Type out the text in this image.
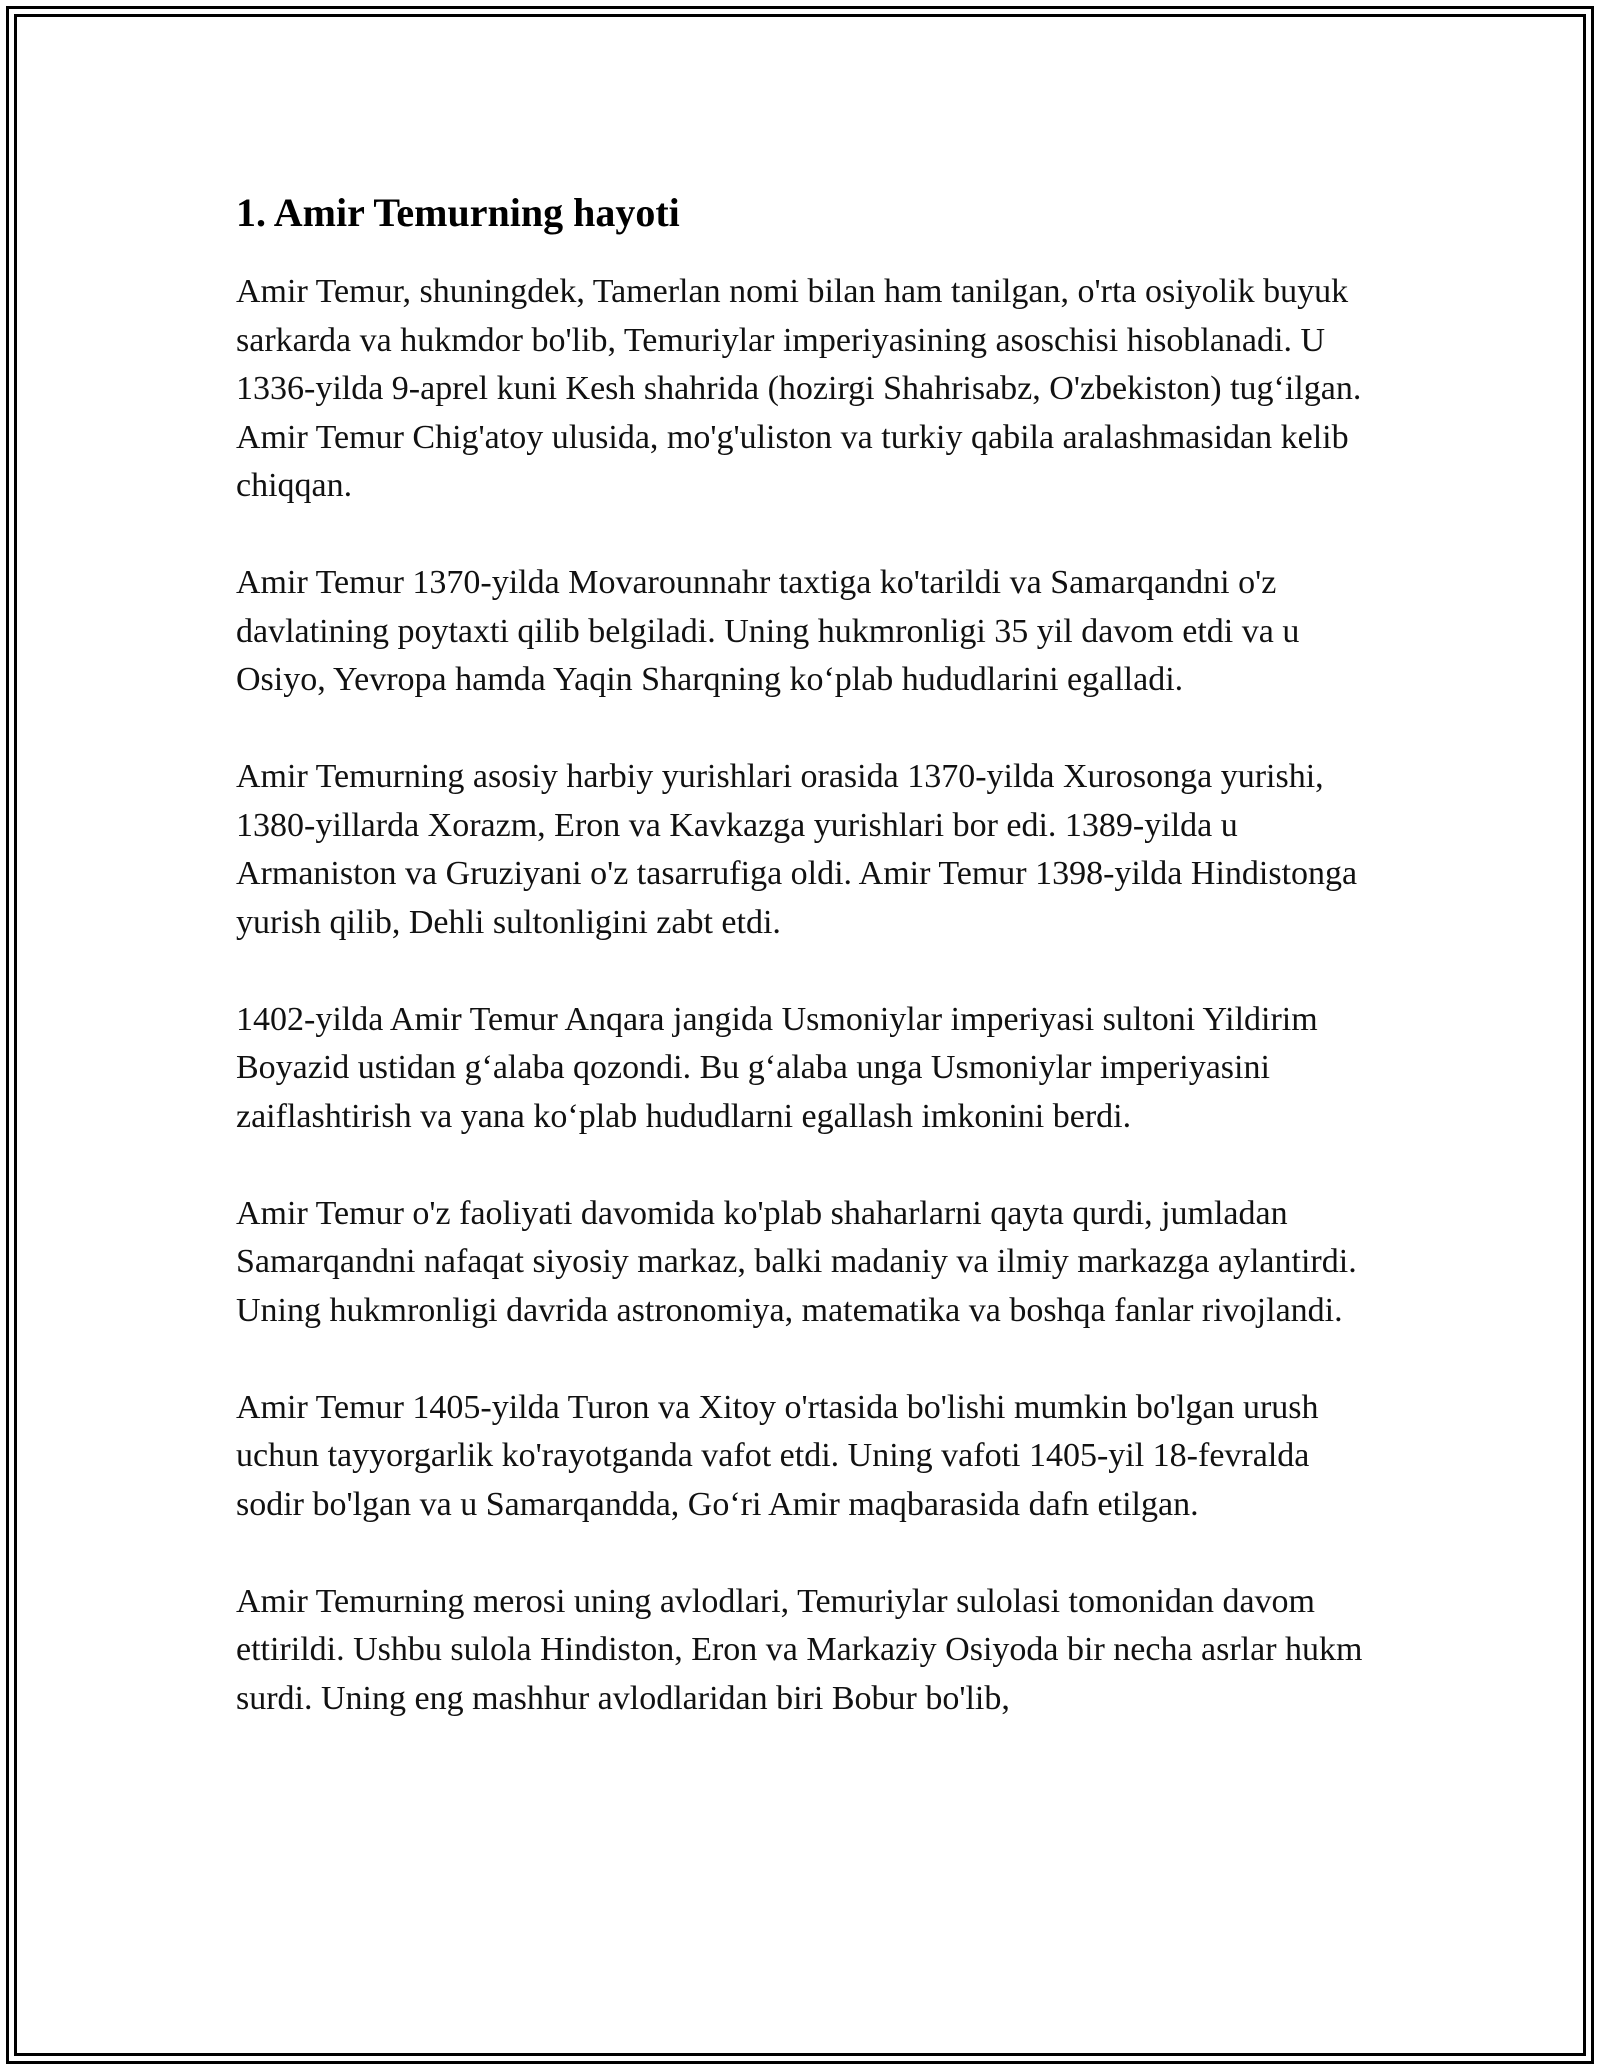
1. Amir Temurning hayoti

Amir Temur, shuningdek, Tamerlan nomi bilan ham tanilgan, o'rta osiyolik buyuk sarkarda va hukmdor bo'lib, Temuriylar imperiyasining asoschisi hisoblanadi. U 1336-yilda 9-aprel kuni Kesh shahrida (hozirgi Shahrisabz, O'zbekiston) tug‘ilgan. Amir Temur Chig'atoy ulusida, mo'g'uliston va turkiy qabila aralashmasidan kelib chiqqan.

Amir Temur 1370-yilda Movarounnahr taxtiga ko'tarildi va Samarqandni o'z davlatining poytaxti qilib belgiladi. Uning hukmronligi 35 yil davom etdi va u Osiyo, Yevropa hamda Yaqin Sharqning ko‘plab hududlarini egalladi.

Amir Temurning asosiy harbiy yurishlari orasida 1370-yilda Xurosonga yurishi, 1380-yillarda Xorazm, Eron va Kavkazga yurishlari bor edi. 1389-yilda u Armaniston va Gruziyani o'z tasarrufiga oldi. Amir Temur 1398-yilda Hindistonga yurish qilib, Dehli sultonligini zabt etdi.

1402-yilda Amir Temur Anqara jangida Usmoniylar imperiyasi sultoni Yildirim Boyazid ustidan g‘alaba qozondi. Bu g‘alaba unga Usmoniylar imperiyasini zaiflashtirish va yana ko‘plab hududlarni egallash imkonini berdi.

Amir Temur o'z faoliyati davomida ko'plab shaharlarni qayta qurdi, jumladan Samarqandni nafaqat siyosiy markaz, balki madaniy va ilmiy markazga aylantirdi. Uning hukmronligi davrida astronomiya, matematika va boshqa fanlar rivojlandi.

Amir Temur 1405-yilda Turon va Xitoy o'rtasida bo'lishi mumkin bo'lgan urush uchun tayyorgarlik ko'rayotganda vafot etdi. Uning vafoti 1405-yil 18-fevralda sodir bo'lgan va u Samarqandda, Go‘ri Amir maqbarasida dafn etilgan.

Amir Temurning merosi uning avlodlari, Temuriylar sulolasi tomonidan davom ettirildi. Ushbu sulola Hindiston, Eron va Markaziy Osiyoda bir necha asrlar hukm surdi. Uning eng mashhur avlodlaridan biri Bobur bo'lib,
